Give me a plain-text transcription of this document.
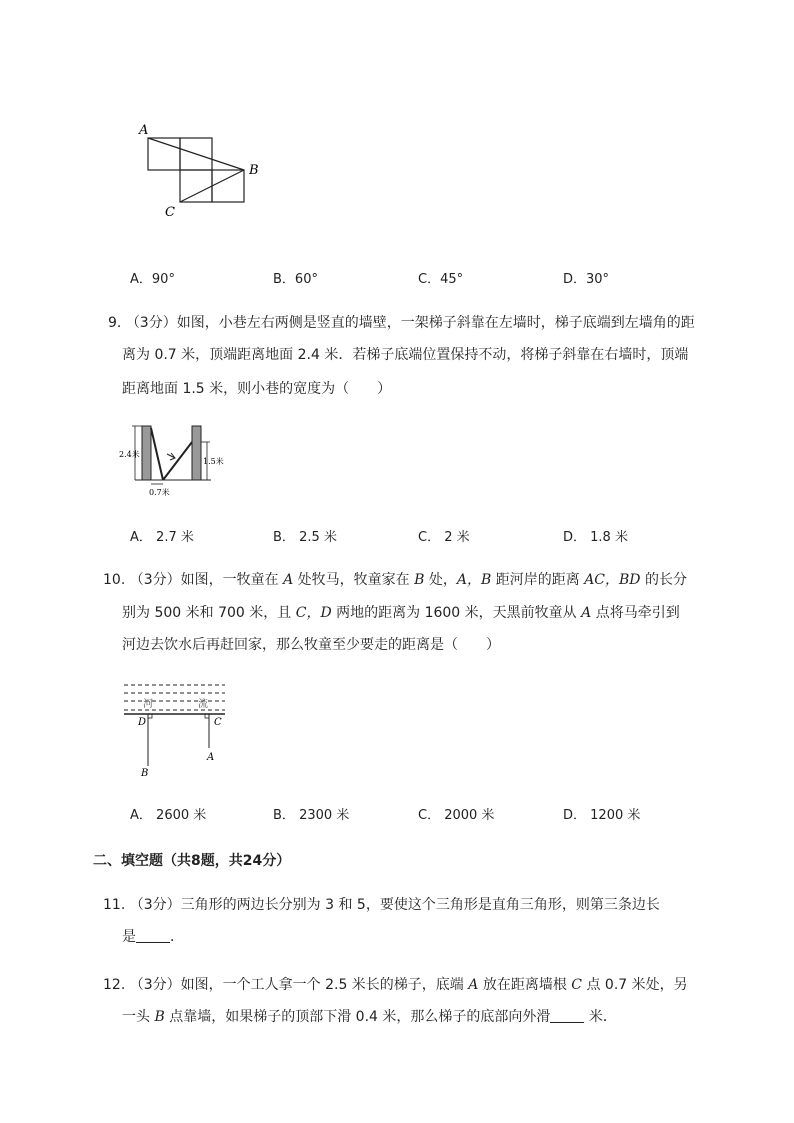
A
B
C
A．90°	B．60°	C．45°	D．30°
9. （3分）如图，小巷左右两侧是竖直的墙壁，一架梯子斜靠在左墙时，梯子底端到左墙角的距
离为 0.7 米，顶端距离地面 2.4 米．若梯子底端位置保持不动，将梯子斜靠在右墙时，顶端
距离地面 1.5 米，则小巷的宽度为（　　）
2.4米
1.5米
0.7米
A． 2.7 米	B． 2.5 米	C． 2 米	D． 1.8 米
10. （3分）如图，一牧童在 A 处牧马，牧童家在 B 处，A，B 距河岸的距离 AC，BD 的长分
别为 500 米和 700 米，且 C，D 两地的距离为 1600 米，天黑前牧童从 A 点将马牵引到
河边去饮水后再赶回家，那么牧童至少要走的距离是（　　）
河	流
D	C
A
B
A． 2600 米	B． 2300 米	C． 2000 米	D． 1200 米
二、填空题（共8题，共24分）
11. （3分）三角形的两边长分别为 3 和 5，要使这个三角形是直角三角形，则第三条边长
是 ．
12. （3分）如图，一个工人拿一个 2.5 米长的梯子，底端 A 放在距离墙根 C 点 0.7 米处，另
一头 B 点靠墙，如果梯子的顶部下滑 0.4 米，那么梯子的底部向外滑 米．
